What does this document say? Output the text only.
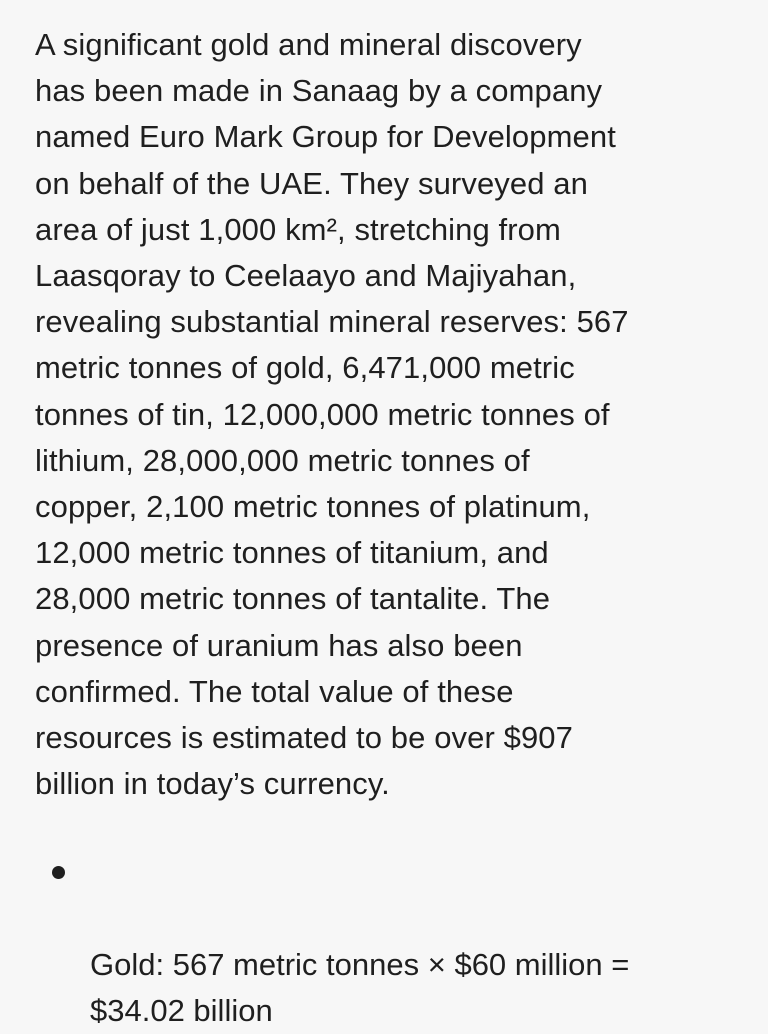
A significant gold and mineral discovery
has been made in Sanaag by a company
named Euro Mark Group for Development
on behalf of the UAE. They surveyed an
area of just 1,000 km², stretching from
Laasqoray to Ceelaayo and Majiyahan,
revealing substantial mineral reserves: 567
metric tonnes of gold, 6,471,000 metric
tonnes of tin, 12,000,000 metric tonnes of
lithium, 28,000,000 metric tonnes of
copper, 2,100 metric tonnes of platinum,
12,000 metric tonnes of titanium, and
28,000 metric tonnes of tantalite. The
presence of uranium has also been
confirmed. The total value of these
resources is estimated to be over $907
billion in today’s currency.

Gold: 567 metric tonnes × $60 million =
$34.02 billion
